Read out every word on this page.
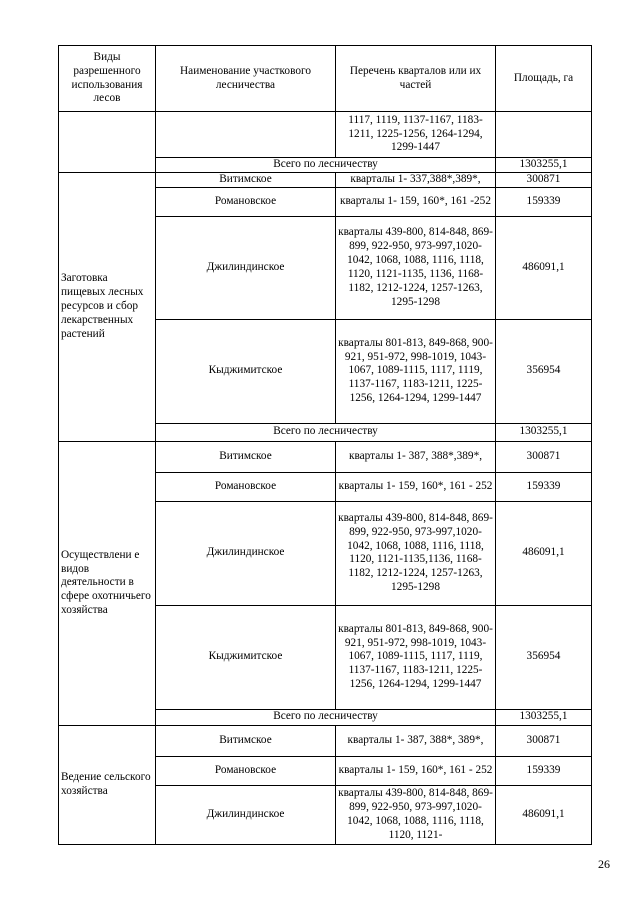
Виды разрешенного использования лесов	Наименование участкового лесничества	Перечень кварталов или их частей	Площадь, га
		1117, 1119, 1137-1167, 1183-1211, 1225-1256, 1264-1294, 1299-1447	
	Всего по лесничеству		1303255,1
Заготовка пищевых лесных ресурсов и сбор лекарственных растений	Витимское	кварталы 1- 337,388*,389*,	300871
	Романовское	кварталы 1- 159, 160*, 161 -252	159339
	Джилиндинское	кварталы 439-800, 814-848, 869-899, 922-950, 973-997,1020-1042, 1068, 1088, 1116, 1118, 1120, 1121-1135, 1136, 1168-1182, 1212-1224, 1257-1263, 1295-1298	486091,1
	Кыджимитское	кварталы 801-813, 849-868, 900-921, 951-972, 998-1019, 1043-1067, 1089-1115, 1117, 1119, 1137-1167, 1183-1211, 1225-1256, 1264-1294, 1299-1447	356954
	Всего по лесничеству		1303255,1
Осуществлени е видов деятельности в сфере охотничьего хозяйства	Витимское	кварталы 1- 387, 388*,389*,	300871
	Романовское	кварталы 1- 159, 160*, 161 - 252	159339
	Джилиндинское	кварталы 439-800, 814-848, 869-899, 922-950, 973-997,1020-1042, 1068, 1088, 1116, 1118, 1120, 1121-1135,1136, 1168-1182, 1212-1224, 1257-1263, 1295-1298	486091,1
	Кыджимитское	кварталы 801-813, 849-868, 900-921, 951-972, 998-1019, 1043-1067, 1089-1115, 1117, 1119, 1137-1167, 1183-1211, 1225-1256, 1264-1294, 1299-1447	356954
	Всего по лесничеству		1303255,1
Ведение сельского хозяйства	Витимское	кварталы 1- 387, 388*, 389*,	300871
	Романовское	кварталы 1- 159, 160*, 161 - 252	159339
	Джилиндинское	кварталы 439-800, 814-848, 869-899, 922-950, 973-997,1020-1042, 1068, 1088, 1116, 1118, 1120, 1121-	486091,1
26
